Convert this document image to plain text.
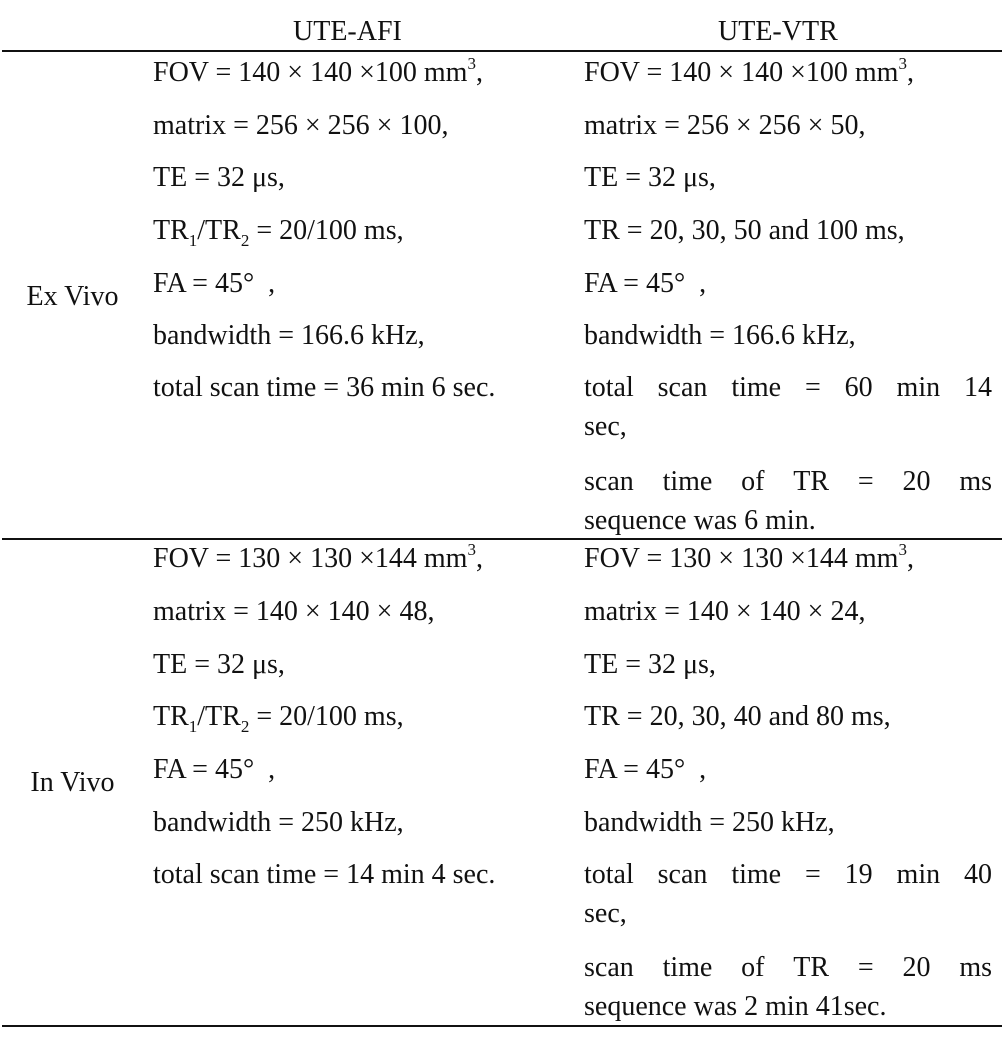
UTE-AFI	UTE-VTR
Ex Vivo
FOV = 140 × 140 ×100 $mm^3$,
matrix = 256 × 256 × 100,
TE = 32 μs,
$TR_1/TR_2 = 20/100$ ms,
FA = 45°  ,
bandwidth = 166.6 kHz,
total scan time = 36 min 6 sec.
FOV = 140 × 140 ×100 $mm^3$,
matrix = 256 × 256 × 50,
TE = 32 μs,
TR = 20, 30, 50 and 100 ms,
FA = 45°  ,
bandwidth = 166.6 kHz,
total scan time = 60 min 14
sec,
scan time of TR = 20 ms
sequence was 6 min.
In Vivo
FOV = 130 × 130 ×144 $mm^3$,
matrix = 140 × 140 × 48,
TE = 32 μs,
$TR_1/TR_2 = 20/100$ ms,
FA = 45°  ,
bandwidth = 250 kHz,
total scan time = 14 min 4 sec.
FOV = 130 × 130 ×144 $mm^3$,
matrix = 140 × 140 × 24,
TE = 32 μs,
TR = 20, 30, 40 and 80 ms,
FA = 45°  ,
bandwidth = 250 kHz,
total scan time = 19 min 40
sec,
scan time of TR = 20 ms
sequence was 2 min 41sec.
